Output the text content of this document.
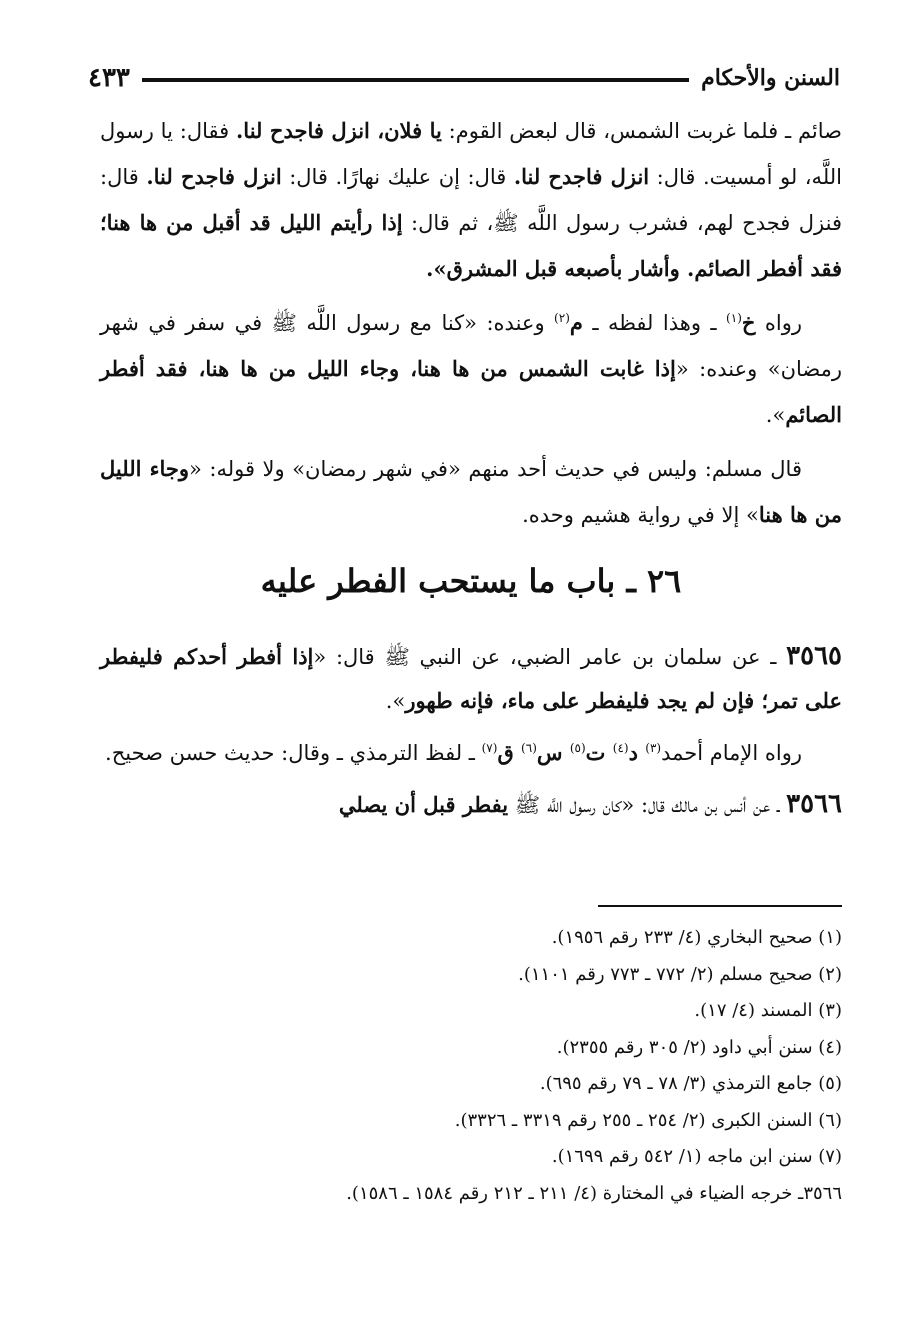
السنن والأحكام
٤٣٣

صائم ـ فلما غربت الشمس، قال لبعض القوم: يا فلان، انزل فاجدح لنا. فقال: يا رسول اللَّه، لو أمسيت. قال: انزل فاجدح لنا. قال: إن عليك نهارًا. قال: انزل فاجدح لنا. قال: فنزل فجدح لهم، فشرب رسول اللَّه ﷺ، ثم قال: إذا رأيتم الليل قد أقبل من ها هنا؛ فقد أفطر الصائم. وأشار بأصبعه قبل المشرق».

رواه خ$^{(١)}$ ـ وهذا لفظه ـ م$^{(٢)}$ وعنده: «كنا مع رسول اللَّه ﷺ في سفر في شهر رمضان» وعنده: «إذا غابت الشمس من ها هنا، وجاء الليل من ها هنا، فقد أفطر الصائم».

قال مسلم: وليس في حديث أحد منهم «في شهر رمضان» ولا قوله: «وجاء الليل من ها هنا» إلا في رواية هشيم وحده.

٢٦ ـ باب ما يستحب الفطر عليه

٣٥٦٥ ـ عن سلمان بن عامر الضبي، عن النبي ﷺ قال: «إذا أفطر أحدكم فليفطر على تمر؛ فإن لم يجد فليفطر على ماء، فإنه طهور».

رواه الإمام أحمد$^{(٣)}$ د$^{(٤)}$ ت$^{(٥)}$ س$^{(٦)}$ ق$^{(٧)}$ ـ لفظ الترمذي ـ وقال: حديث حسن صحيح.

٣٥٦٦ ـ عن أنس بن مالك قال: «كان رسول اللَّه ﷺ يفطر قبل أن يصلي

(١) صحيح البخاري (٤/ ٢٣٣ رقم ١٩٥٦).
(٢) صحيح مسلم (٢/ ٧٧٢ ـ ٧٧٣ رقم ١١٠١).
(٣) المسند (٤/ ١٧).
(٤) سنن أبي داود (٢/ ٣٠٥ رقم ٢٣٥٥).
(٥) جامع الترمذي (٣/ ٧٨ ـ ٧٩ رقم ٦٩٥).
(٦) السنن الكبرى (٢/ ٢٥٤ ـ ٢٥٥ رقم ٣٣١٩ ـ ٣٣٢٦).
(٧) سنن ابن ماجه (١/ ٥٤٢ رقم ١٦٩٩).
٣٥٦٦ـ خرجه الضياء في المختارة (٤/ ٢١١ ـ ٢١٢ رقم ١٥٨٤ ـ ١٥٨٦).
